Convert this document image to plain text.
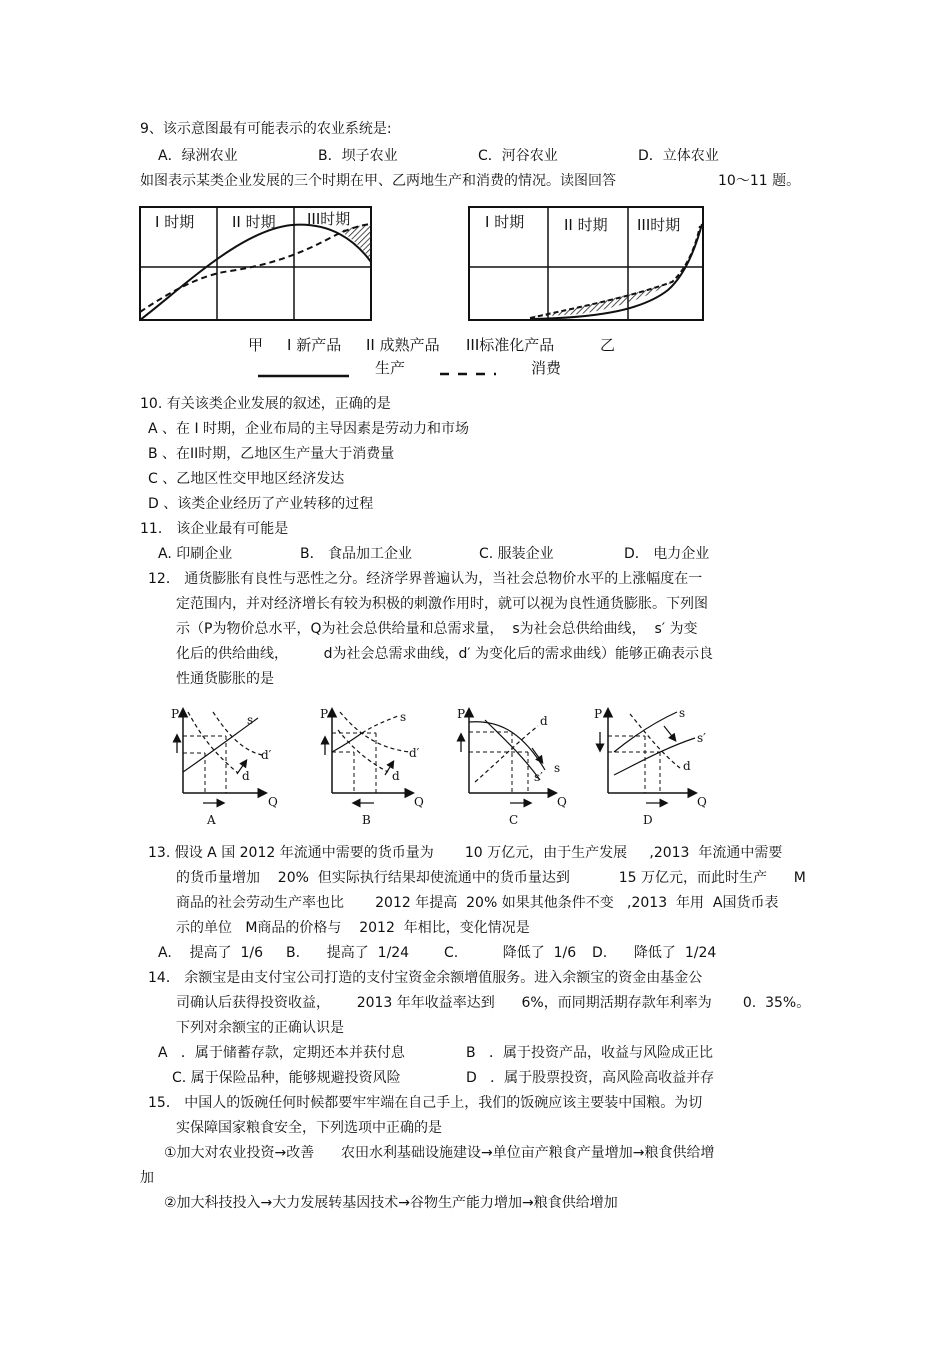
9、该示意图最有可能表示的农业系统是:
A．绿洲农业	B．坝子农业	C．河谷农业	D．立体农业
如图表示某类企业发展的三个时期在甲、乙两地生产和消费的情况。读图回答	10～11 题。
I 时期	II 时期 III时期	I 时期	II 时期 III时期
甲 I 新产品 II 成熟产品 III标准化产品	乙
生产	消费
10. 有关该类企业发展的叙述，正确的是
A 、在 I 时期，企业布局的主导因素是劳动力和市场
B 、在II时期，乙地区生产量大于消费量
C 、乙地区性交甲地区经济发达
D 、该类企业经历了产业转移的过程
11． 该企业最有可能是
A. 印刷企业	B． 食品加工企业	C. 服装企业	D． 电力企业
12． 通货膨胀有良性与恶性之分。经济学界普遍认为，当社会总物价水平的上涨幅度在一
定范围内，并对经济增长有较为积极的刺激作用时，就可以视为良性通货膨胀。下列图
示（P为物价总水平，Q为社会总供给量和总需求量，  s为社会总供给曲线，  s′ 为变
化后的供给曲线，        d为社会总需求曲线，d′ 为变化后的需求曲线）能够正确表示良
性通货膨胀的是
P
Q
s
d′
d
A
P
Q
s
d′
d
B
P
Q
d
s′
s
C
P
Q
s
s′
d
D
13. 假设 A 国 2012 年流通中需要的货币量为       10 万亿元，由于生产发展     ,2013  年流通中需要
的货币量增加    20%  但实际执行结果却使流通中的货币量达到           15 万亿元，而此时生产      M
商品的社会劳动生产率也比       2012 年提高  20% 如果其他条件不变   ,2013  年用  A国货币表
示的单位   M商品的价格与    2012  年相比，变化情况是
A.    提高了  1/6 B.      提高了  1/24 C.          降低了  1/6 D.      降低了  1/24
14． 余额宝是由支付宝公司打造的支付宝资金余额增值服务。进入余额宝的资金由基金公
司确认后获得投资收益，      2013 年年收益率达到      6%，而同期活期存款年利率为       0.  35%。
下列对余额宝的正确认识是
A   ．属于储蓄存款，定期还本并获付息	B   ．属于投资产品，收益与风险成正比
C. 属于保险品种，能够规避投资风险	D   ．属于股票投资，高风险高收益并存
15． 中国人的饭碗任何时候都要牢牢端在自己手上，我们的饭碗应该主要装中国粮。为切
实保障国家粮食安全，下列选项中正确的是
①加大对农业投资→改善      农田水利基础设施建设→单位亩产粮食产量增加→粮食供给增
加
②加大科技投入→大力发展转基因技术→谷物生产能力增加→粮食供给增加
